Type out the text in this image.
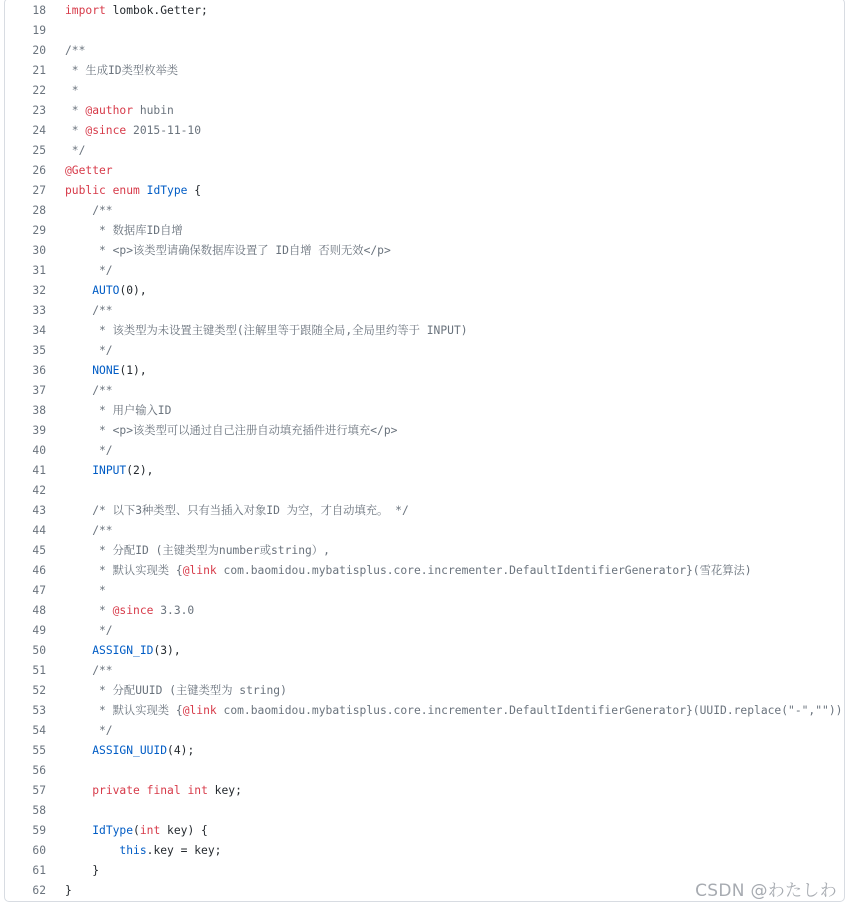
18 import lombok.Getter;
19
20 /**
21 * 生成ID类型枚举类
22 *
23 * @author hubin
24 * @since 2015-11-10
25 */
26 @Getter
27 public enum IdType {
28    /**
29     * 数据库ID自增
30     * <p>该类型请确保数据库设置了 ID自增 否则无效</p>
31     */
32	AUTO(0),
33    /**
34     * 该类型为未设置主键类型(注解里等于跟随全局,全局里约等于 INPUT)
35     */
36	NONE(1),
37    /**
38     * 用户输入ID
39     * <p>该类型可以通过自己注册自动填充插件进行填充</p>
40     */
41	INPUT(2),
42
43    /* 以下3种类型、只有当插入对象ID 为空，才自动填充。 */
44    /**
45     * 分配ID (主键类型为number或string）,
46     * 默认实现类 {@link com.baomidou.mybatisplus.core.incrementer.DefaultIdentifierGenerator}(雪花算法)
47     *
48     * @since 3.3.0
49     */
50	ASSIGN_ID(3),
51    /**
52     * 分配UUID (主键类型为 string)
53     * 默认实现类 {@link com.baomidou.mybatisplus.core.incrementer.DefaultIdentifierGenerator}(UUID.replace("-",""))
54     */
55	ASSIGN_UUID(4);
56
57	private final int key;
58
59	IdType(int key) {
60	this.key = key;
61    }
62 }	CSDN @わたしわ
